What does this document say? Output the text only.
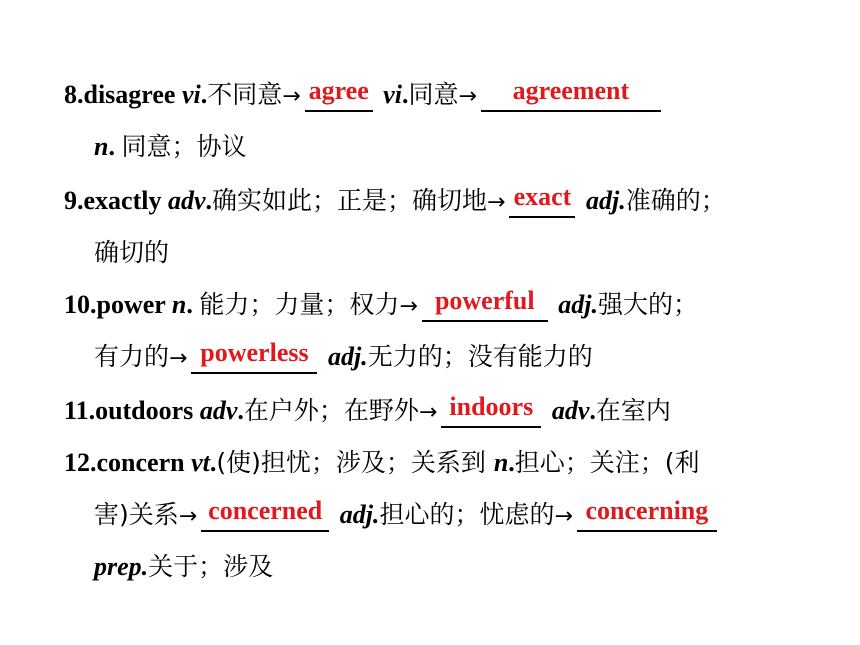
8.disagree vi.不同意→ agree vi.同意→	agreement
n. 同意；协议
9.exactly adv.确实如此；正是；确切地→ exact adj.准确的；
确切的
10.power n. 能力；力量；权力→ powerful adj.强大的；
有力的→ powerless adj.无力的；没有能力的
11.outdoors adv.在户外；在野外→ indoors adv.在室内
12.concern vt.(使)担忧；涉及；关系到 n.担心；关注；(利
害)关系→ concerned adj.担心的；忧虑的→ concerning
prep.关于；涉及
